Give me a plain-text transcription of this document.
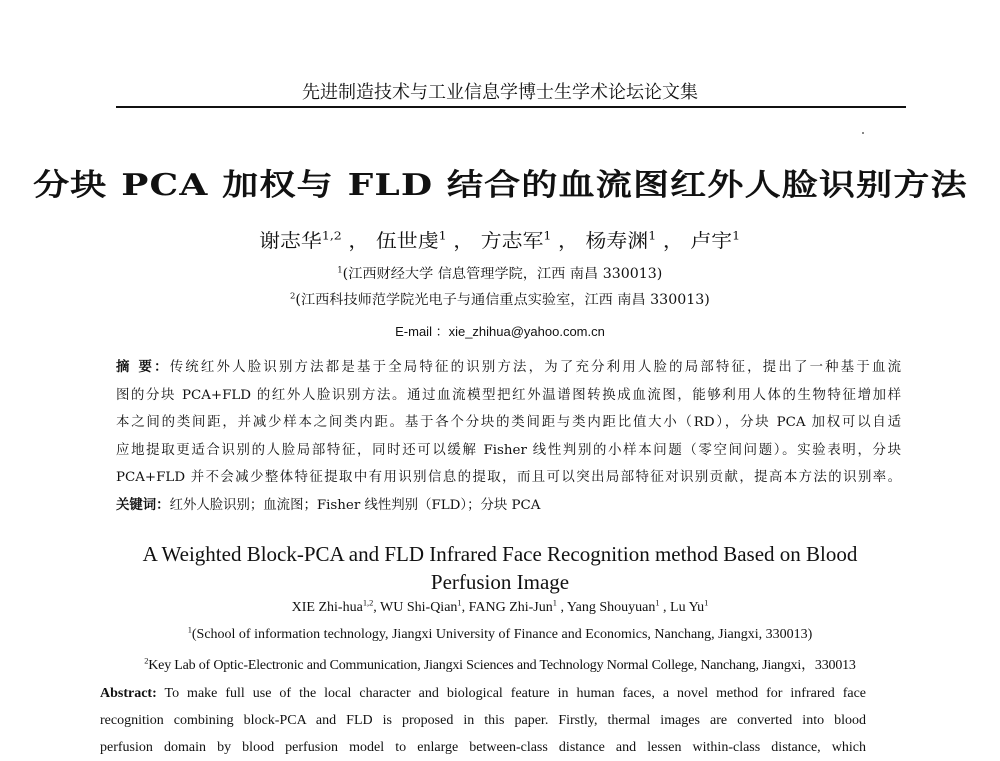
先进制造技术与工业信息学博士生学术论坛论文集
分块 PCA 加权与 FLD 结合的血流图红外人脸识别方法
谢志华$^{1,2}$ ， 伍世虔$^1$ ， 方志军$^1$ ， 杨寿渊$^1$ ， 卢宇$^1$
$^1$(江西财经大学 信息管理学院，江西 南昌 330013)
$^2$(江西科技师范学院光电子与通信重点实验室，江西 南昌 330013)
E-mail ：xie_zhihua@yahoo.com.cn
摘 要：传统红外人脸识别方法都是基于全局特征的识别方法，为了充分利用人脸的局部特征，提出了一种基于血流
图的分块 PCA+FLD 的红外人脸识别方法。通过血流模型把红外温谱图转换成血流图，能够利用人体的生物特征增加样
本之间的类间距，并减少样本之间类内距。基于各个分块的类间距与类内距比值大小（RD），分块 PCA 加权可以自适
应地提取更适合识别的人脸局部特征，同时还可以缓解 Fisher 线性判别的小样本问题（零空间问题）。实验表明，分块
PCA+FLD 并不会减少整体特征提取中有用识别信息的提取，而且可以突出局部特征对识别贡献，提高本方法的识别率。
关键词：红外人脸识别；血流图；Fisher 线性判别（FLD）；分块 PCA
A Weighted Block-PCA and FLD Infrared Face Recognition method Based on Blood
Perfusion Image
XIE Zhi-hua$^{1,2}$, WU Shi-Qian$^1$, FANG Zhi-Jun$^1$ , Yang Shouyuan$^1$ , Lu Yu$^1$
$^1$(School of information technology, Jiangxi University of Finance and Economics, Nanchang, Jiangxi, 330013)
$^2$Key Lab of Optic-Electronic and Communication, Jiangxi Sciences and Technology Normal College, Nanchang, Jiangxi，330013
Abstract: To make full use of the local character and biological feature in human faces, a novel method for infrared face
recognition combining block-PCA and FLD is proposed in this paper. Firstly, thermal images are converted into blood
perfusion domain by blood perfusion model to enlarge between-class distance and lessen within-class distance, which
